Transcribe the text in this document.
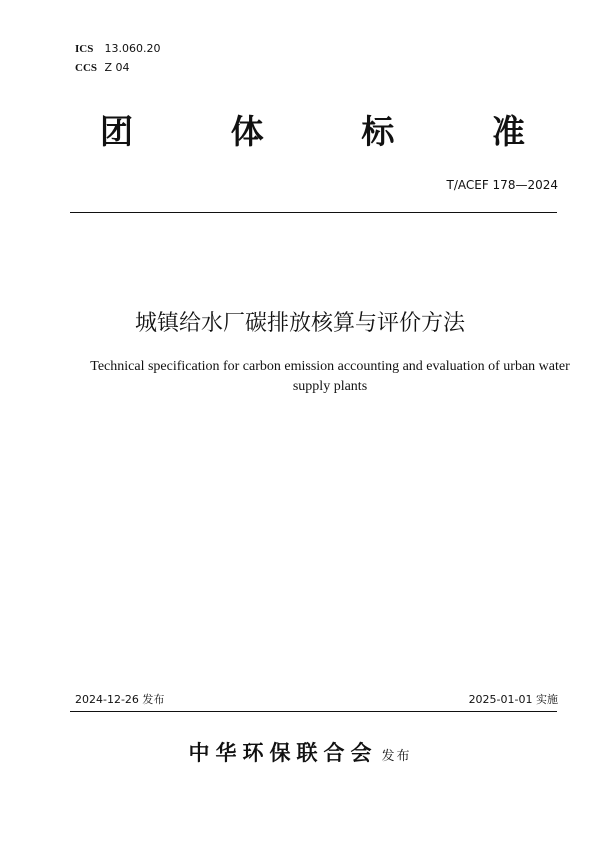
ICS 13.060.20
CCS Z 04
团	体	标	准
T/ACEF 178—2024
城镇给水厂碳排放核算与评价方法
Technical specification for carbon emission accounting and evaluation of urban water
supply plants
2024-12-26 发布	2025-01-01 实施
中华环保联合会 发布
